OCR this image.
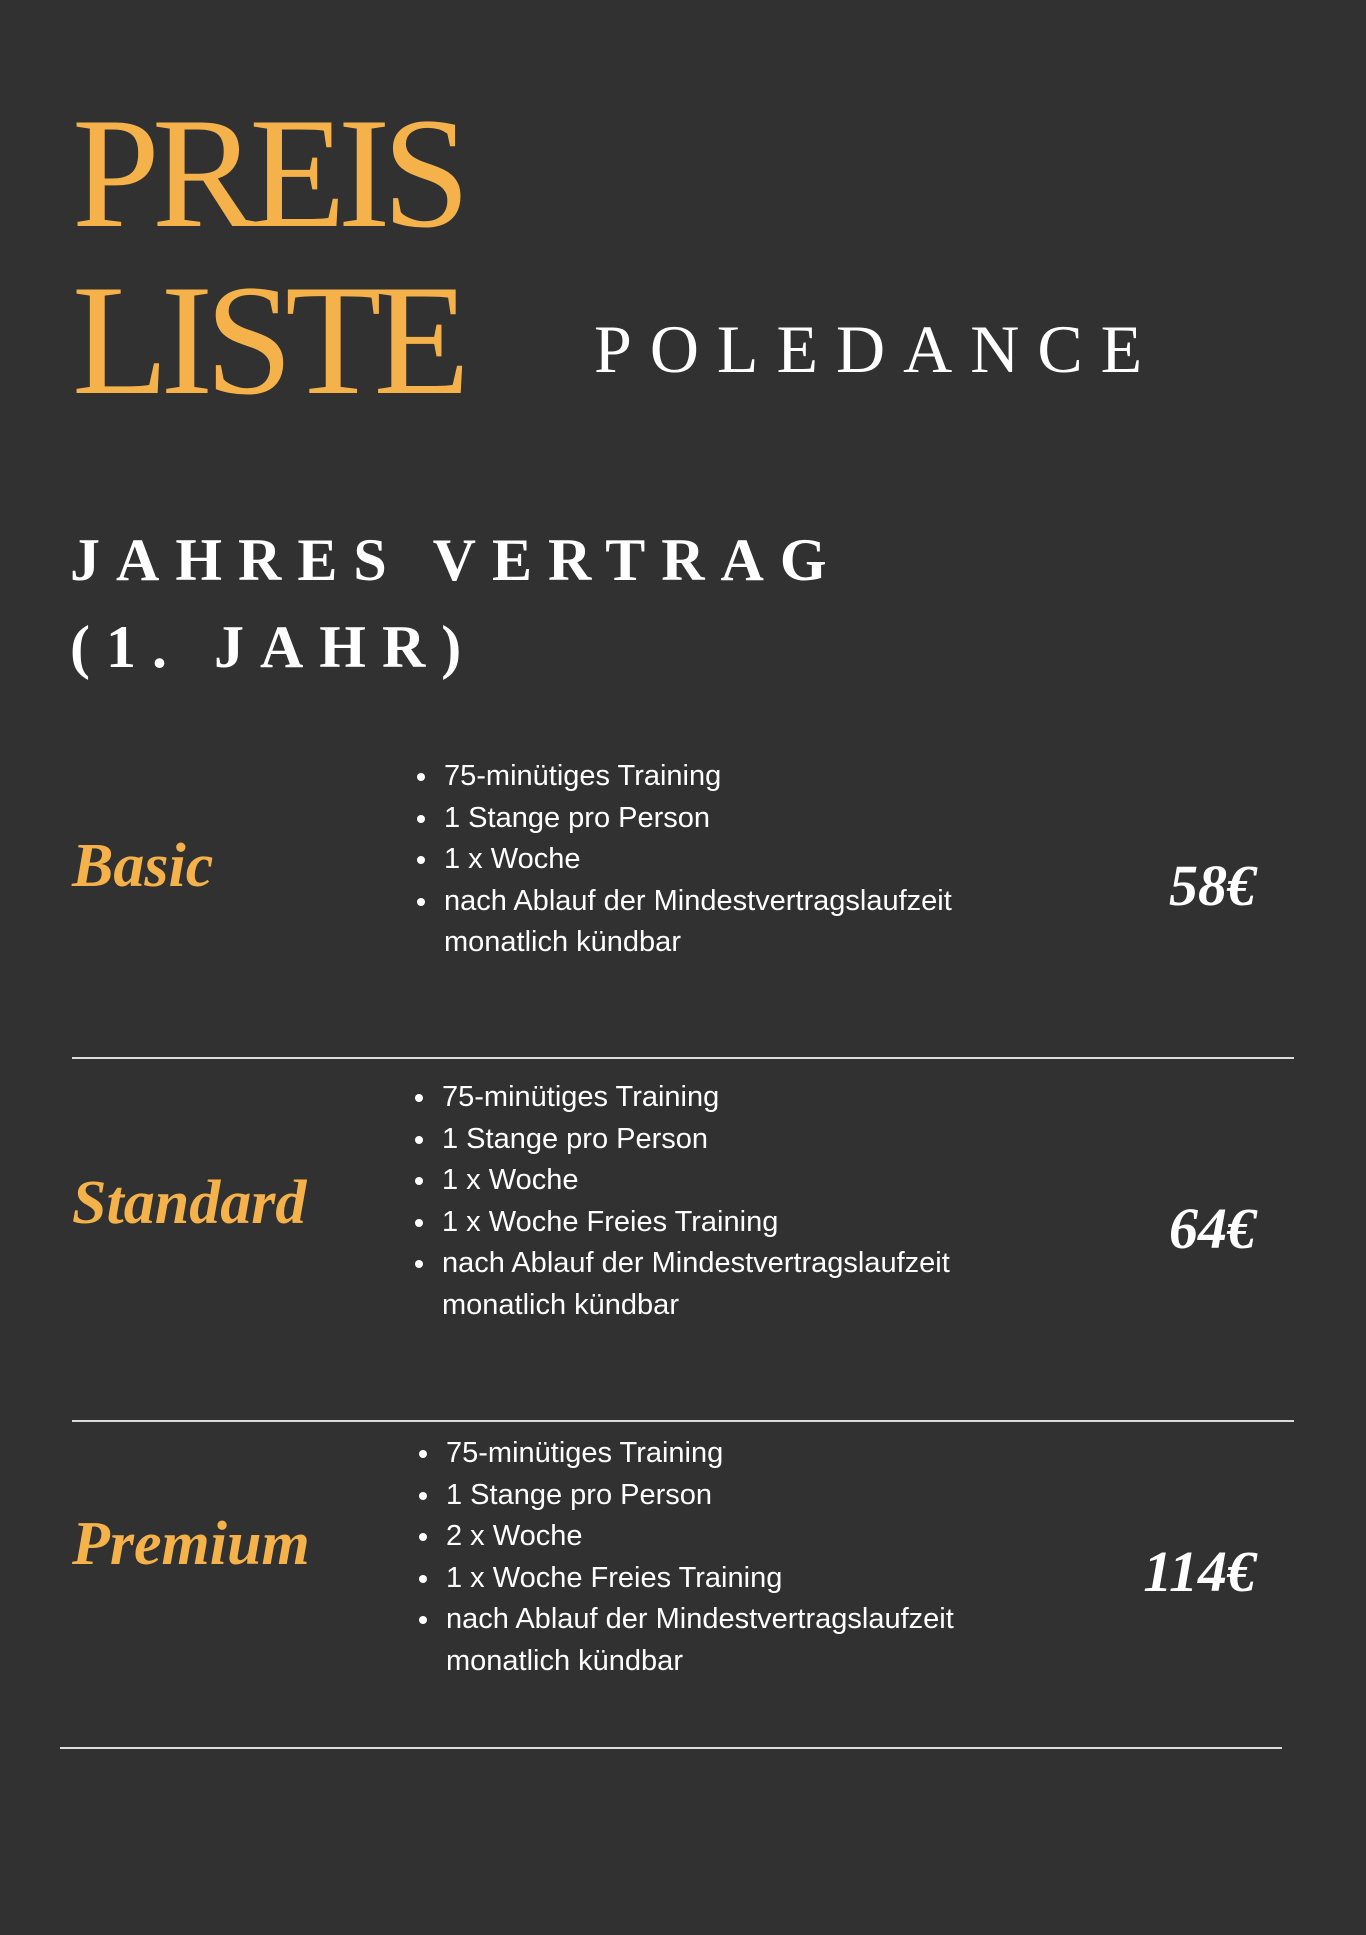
PREIS
LISTE POLEDANCE
JAHRES VERTRAG
(1. JAHR)
Basic
• 75-minütiges Training
• 1 Stange pro Person
• 1 x Woche
• nach Ablauf der Mindestvertragslaufzeit monatlich kündbar
58€
Standard
• 75-minütiges Training
• 1 Stange pro Person
• 1 x Woche
• 1 x Woche Freies Training
• nach Ablauf der Mindestvertragslaufzeit monatlich kündbar
64€
Premium
• 75-minütiges Training
• 1 Stange pro Person
• 2 x Woche
• 1 x Woche Freies Training
• nach Ablauf der Mindestvertragslaufzeit monatlich kündbar
114€
